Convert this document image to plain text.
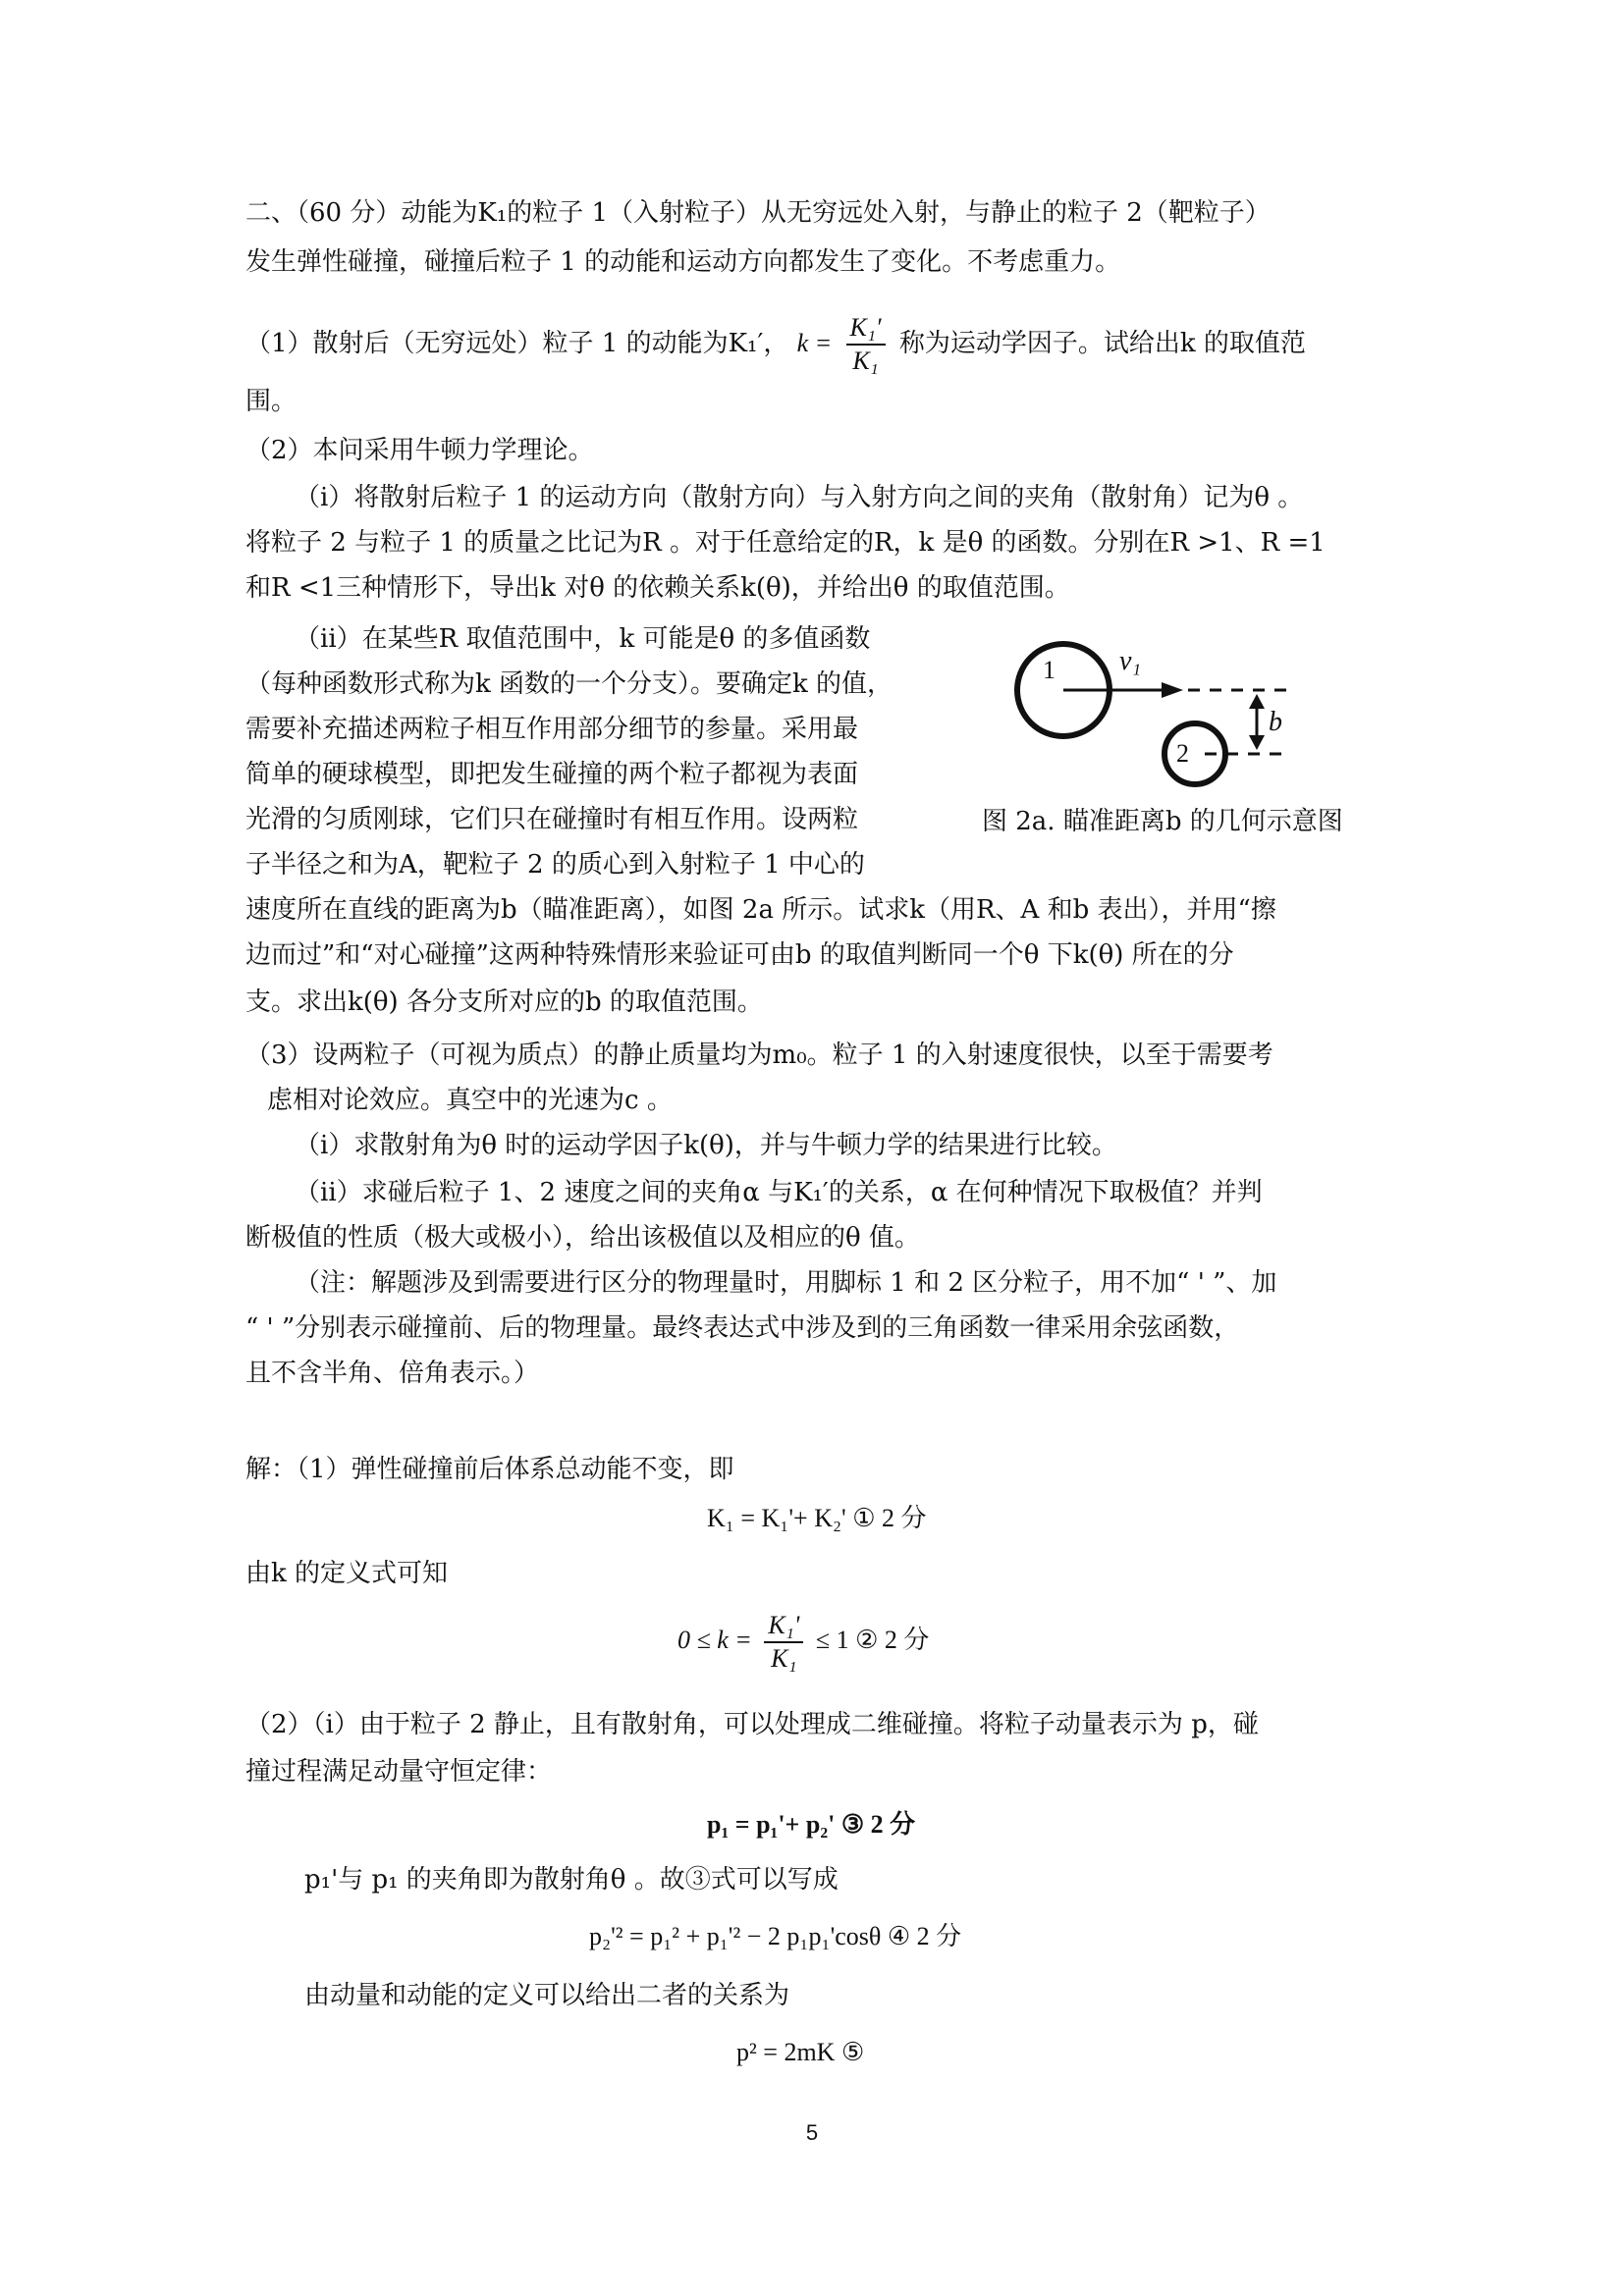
二、（60 分）动能为K₁的粒子 1（入射粒子）从无穷远处入射，与静止的粒子 2（靶粒子）
发生弹性碰撞，碰撞后粒子 1 的动能和运动方向都发生了变化。不考虑重力。
（1）散射后（无穷远处）粒子 1 的动能为K₁′， $k = \frac{\text{K₁′}}{\text{K₁}}$ 称为运动学因子。试给出k 的取值范
围。
（2）本问采用牛顿力学理论。
（i）将散射后粒子 1 的运动方向（散射方向）与入射方向之间的夹角（散射角）记为θ 。
将粒子 2 与粒子 1 的质量之比记为R 。对于任意给定的R，k 是θ 的函数。分别在R >1、R =1
和R <1三种情形下，导出k 对θ 的依赖关系k(θ)，并给出θ 的取值范围。
（ii）在某些R 取值范围中，k 可能是θ 的多值函数
（每种函数形式称为k 函数的一个分支）。要确定k 的值，
需要补充描述两粒子相互作用部分细节的参量。采用最
简单的硬球模型，即把发生碰撞的两个粒子都视为表面
光滑的匀质刚球，它们只在碰撞时有相互作用。设两粒
子半径之和为A，靶粒子 2 的质心到入射粒子 1 中心的
速度所在直线的距离为b（瞄准距离），如图 2a 所示。试求k（用R、A 和b 表出），并用“擦
边而过”和“对心碰撞”这两种特殊情形来验证可由b 的取值判断同一个θ 下k(θ) 所在的分
支。求出k(θ) 各分支所对应的b 的取值范围。
1
2
v₁
b
图 2a. 瞄准距离b 的几何示意图
（3）设两粒子（可视为质点）的静止质量均为m₀。粒子 1 的入射速度很快，以至于需要考
虑相对论效应。真空中的光速为c 。
（i）求散射角为θ 时的运动学因子k(θ)，并与牛顿力学的结果进行比较。
（ii）求碰后粒子 1、2 速度之间的夹角α 与K₁′的关系，α 在何种情况下取极值？并判
断极值的性质（极大或极小），给出该极值以及相应的θ 值。
（注：解题涉及到需要进行区分的物理量时，用脚标 1 和 2 区分粒子，用不加“ ' ”、加
“ ' ”分别表示碰撞前、后的物理量。最终表达式中涉及到的三角函数一律采用余弦函数，
且不含半角、倍角表示。）
解：（1）弹性碰撞前后体系总动能不变，即
K₁ = K₁'+ K₂' ① 2 分
由k 的定义式可知
$0 \le k = \frac{\text{K₁'}}{\text{K₁}} \le 1$ ② 2 分
（2）（i）由于粒子 2 静止，且有散射角，可以处理成二维碰撞。将粒子动量表示为 p，碰
撞过程满足动量守恒定律：
p₁ = p₁'+ p₂' ③ 2 分
p₁'与 p₁ 的夹角即为散射角θ 。故③式可以写成
p₂'² = p₁² + p₁'² − 2 p₁p₁'cosθ ④ 2 分
由动量和动能的定义可以给出二者的关系为
p² = 2mK ⑤
5
